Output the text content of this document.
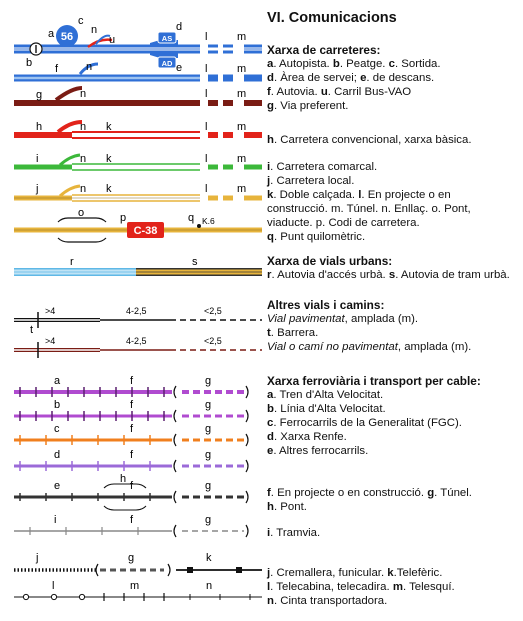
a
b
n
u
d
l	m
56
c
AS
AD e
f	n	l	m
g	n	l	m
h	n k	l	m
i	n k	l	m
j	n k	l	m
o	p
C-38
q K.6
r	s
>4	4-2,5	<2,5
t
>4	4-2,5	<2,5
a	f	g
b	f	g
c	f	g
d	f	g
e	f	g
h
i	f	g
j	g	k
l	m	n
VI. Comunicacions
Xarxa de carreteres:
a. Autopista. b. Peatge. c. Sortida.
d. Àrea de servei; e. de descans.
f. Autovia. u. Carril Bus-VAO
g. Via preferent.
h. Carretera convencional, xarxa bàsica.
i. Carretera comarcal.
j. Carretera local.
k. Doble calçada. l. En projecte o en
construcció. m. Túnel. n. Enllaç. o. Pont,
viaducte. p. Codi de carretera.
q. Punt quilomètric.
Xarxa de vials urbans:
r. Autovia d'accés urbà. s. Autovia de tram urbà.
Altres vials i camins:
Vial pavimentat, amplada (m).
t. Barrera.
Vial o camí no pavimentat, amplada (m).
Xarxa ferroviària i transport per cable:
a. Tren d'Alta Velocitat.
b. Línia d'Alta Velocitat.
c. Ferrocarrils de la Generalitat (FGC).
d. Xarxa Renfe.
e. Altres ferrocarrils.
f. En projecte o en construcció. g. Túnel.
h. Pont.
i. Tramvia.
j. Cremallera, funicular. k.Telefèric.
l. Telecabina, telecadira. m. Telesquí.
n. Cinta transportadora.
